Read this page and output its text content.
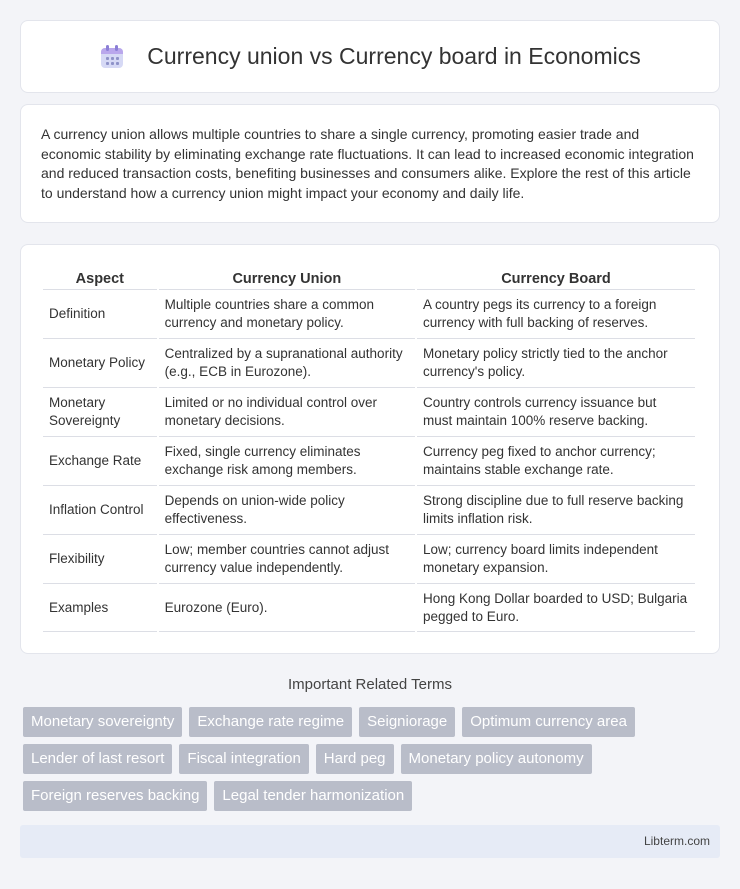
Currency union vs Currency board in Economics

A currency union allows multiple countries to share a single currency, promoting easier trade and economic stability by eliminating exchange rate fluctuations. It can lead to increased economic integration and reduced transaction costs, benefiting businesses and consumers alike. Explore the rest of this article to understand how a currency union might impact your economy and daily life.

Aspect	Currency Union	Currency Board
Definition	Multiple countries share a common currency and monetary policy.	A country pegs its currency to a foreign currency with full backing of reserves.
Monetary Policy	Centralized by a supranational authority (e.g., ECB in Eurozone).	Monetary policy strictly tied to the anchor currency's policy.
Monetary Sovereignty	Limited or no individual control over monetary decisions.	Country controls currency issuance but must maintain 100% reserve backing.
Exchange Rate	Fixed, single currency eliminates exchange risk among members.	Currency peg fixed to anchor currency; maintains stable exchange rate.
Inflation Control	Depends on union-wide policy effectiveness.	Strong discipline due to full reserve backing limits inflation risk.
Flexibility	Low; member countries cannot adjust currency value independently.	Low; currency board limits independent monetary expansion.
Examples	Eurozone (Euro).	Hong Kong Dollar boarded to USD; Bulgaria pegged to Euro.
Important Related Terms
Monetary sovereignty	Exchange rate regime	Seigniorage	Optimum currency area
Lender of last resort	Fiscal integration	Hard peg	Monetary policy autonomy
Foreign reserves backing	Legal tender harmonization
Libterm.com
